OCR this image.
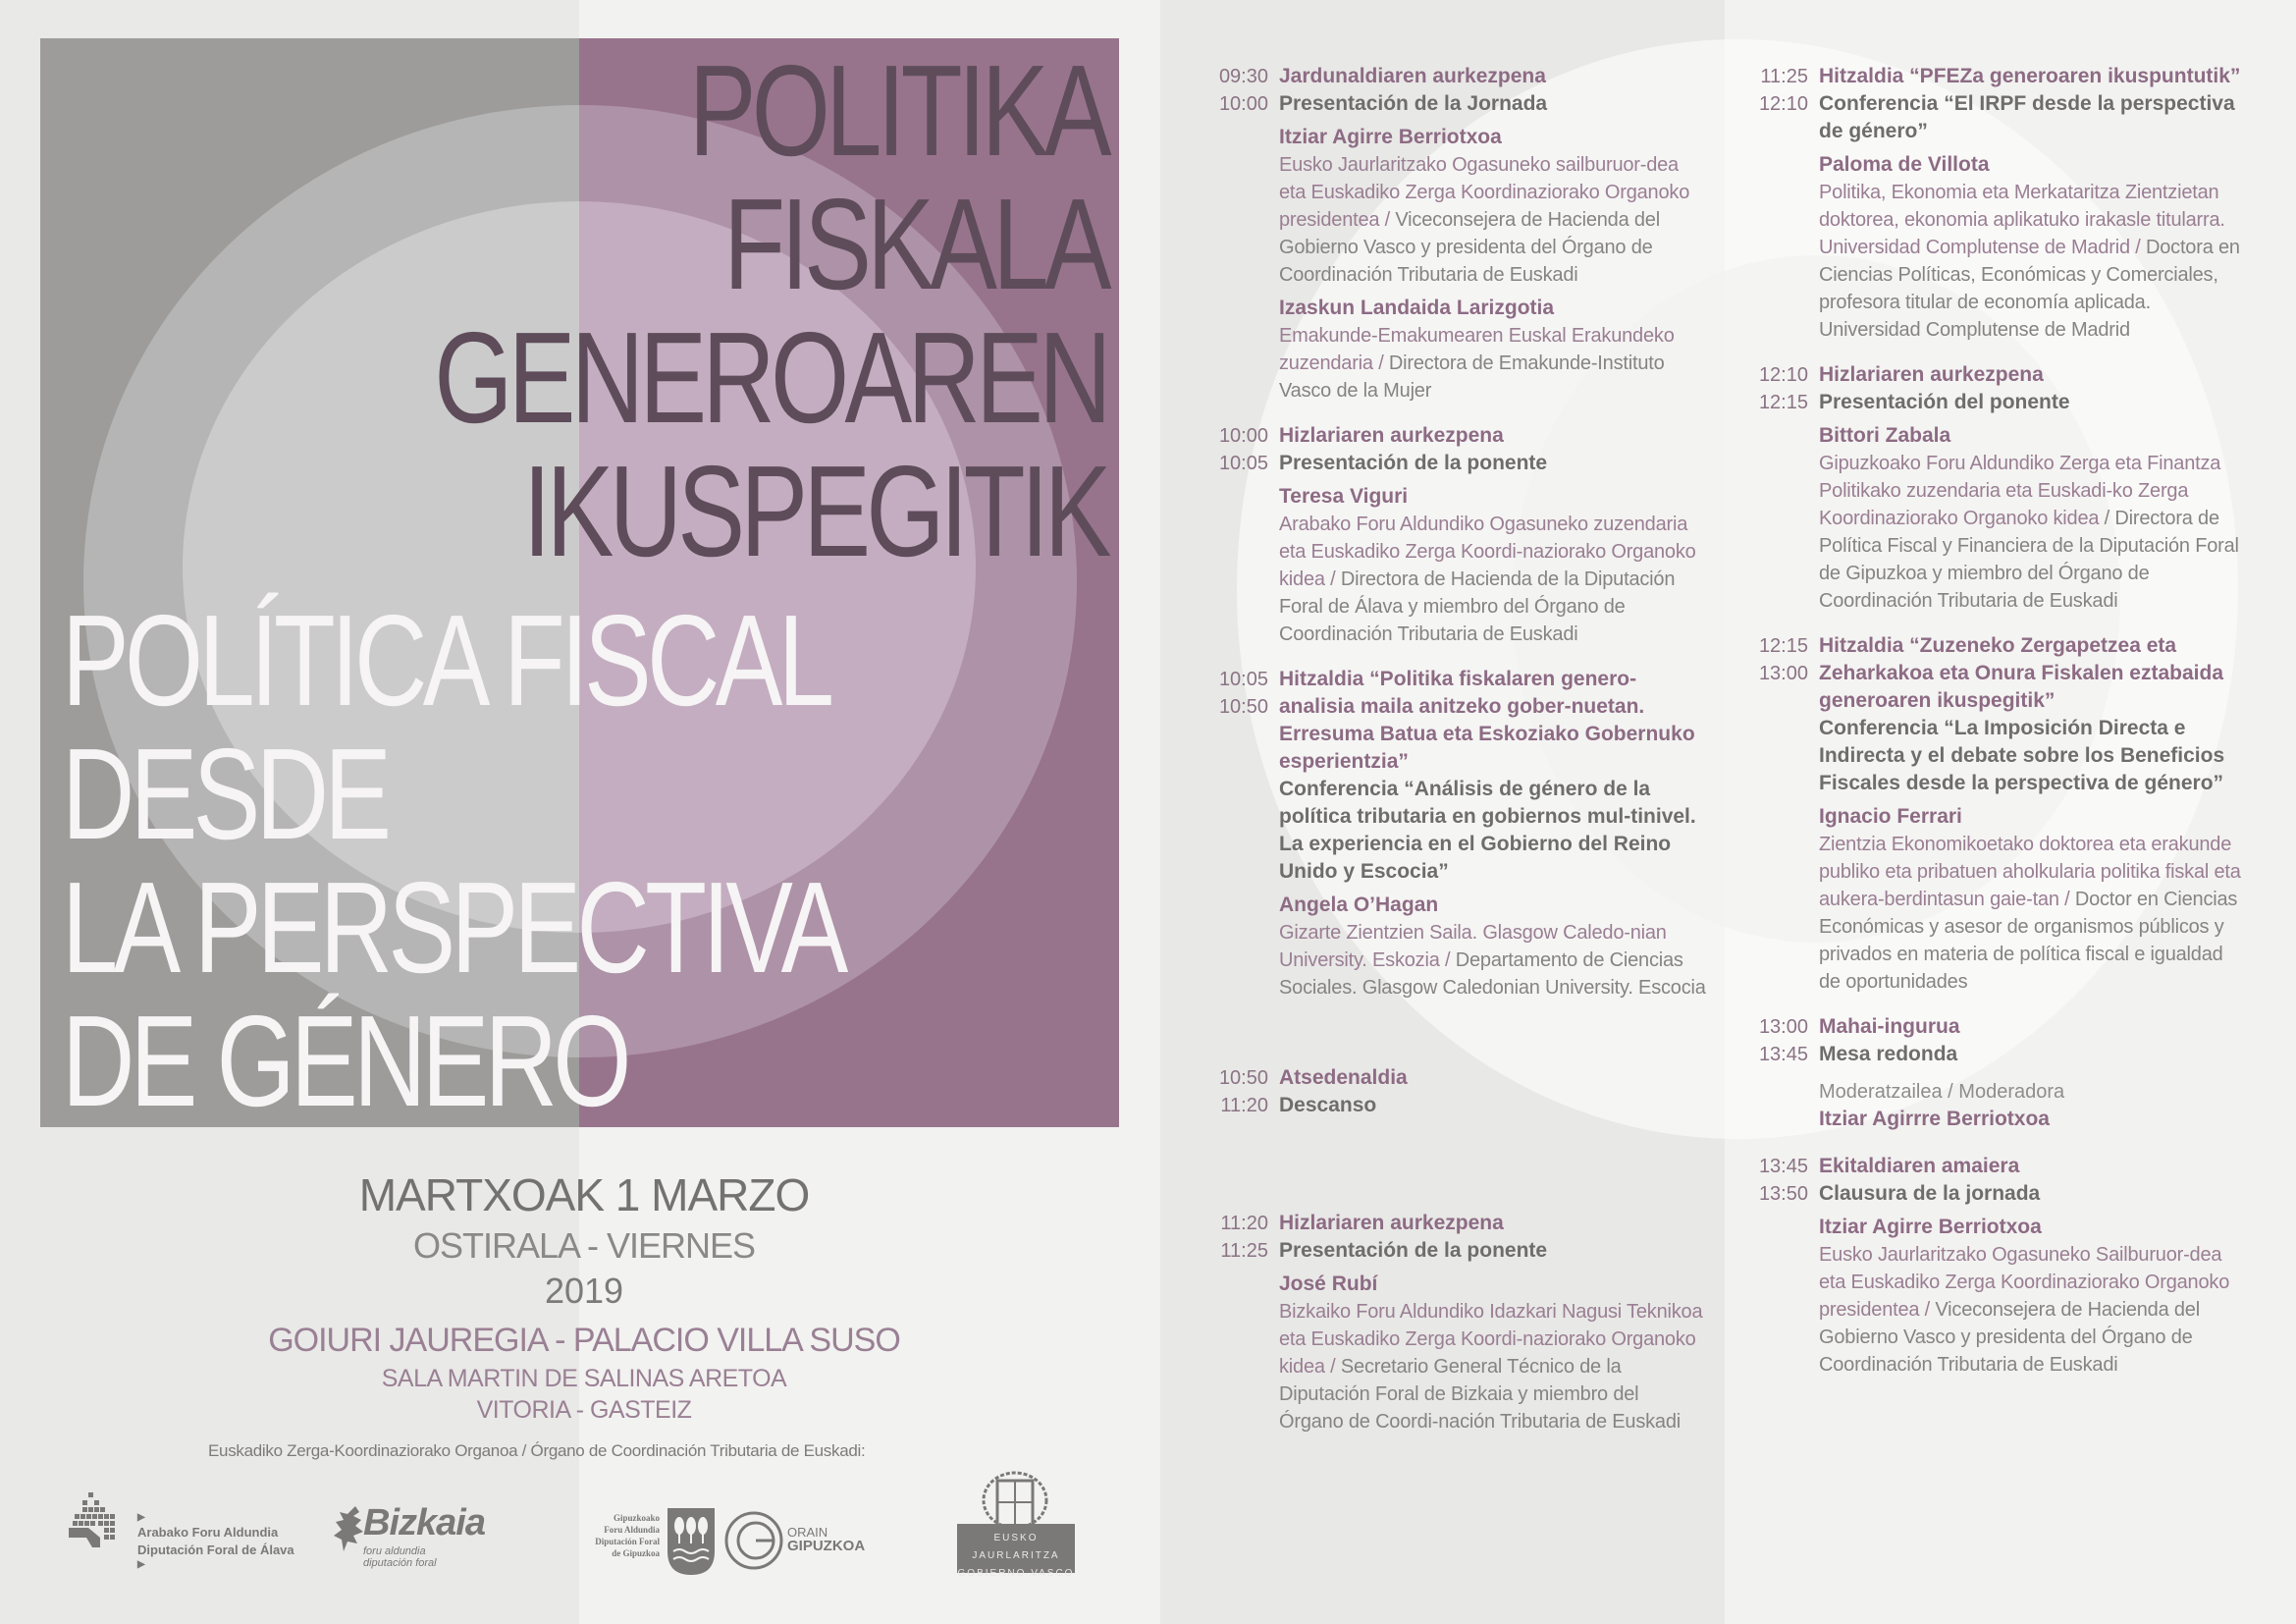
POLITIKA
FISKALA
GENEROAREN
IKUSPEGITIK
POLÍTICA FISCAL
DESDE
LA PERSPECTIVA
DE GÉNERO
MARTXOAK 1 MARZO
OSTIRALA - VIERNES
2019
GOIURI JAUREGIA - PALACIO VILLA SUSO
SALA MARTIN DE SALINAS ARETOA
VITORIA - GASTEIZ
Euskadiko Zerga-Koordinaziorako Organoa / Órgano de Coordinación Tributaria de Euskadi:
▶
Arabako Foru Aldundia
Diputación Foral de Álava
▶
Bizkaia
foru aldundia
diputación foral
Gipuzkoako
Foru Aldundia
Diputación Foral
de Gipuzkoa
ORAIN
GIPUZKOA	EUSKO JAURLARITZA
GOBIERNO VASCO
09:30
10:00
Jardunaldiaren aurkezpena
Presentación de la Jornada
Itziar Agirre Berriotxoa
Eusko Jaurlaritzako Ogasuneko sailburuor-dea eta Euskadiko Zerga Koordinaziorako Organoko presidentea / Viceconsejera de Hacienda del Gobierno Vasco y presidenta del Órgano de Coordinación Tributaria de Euskadi
Izaskun Landaida Larizgotia
Emakunde-Emakumearen Euskal Erakundeko zuzendaria / Directora de Emakunde-Instituto Vasco de la Mujer
10:00
10:05
Hizlariaren aurkezpena
Presentación de la ponente
Teresa Viguri
Arabako Foru Aldundiko Ogasuneko zuzendaria eta Euskadiko Zerga Koordi-naziorako Organoko kidea / Directora de Hacienda de la Diputación Foral de Álava y miembro del Órgano de Coordinación Tributaria de Euskadi
10:05
10:50
Hitzaldia “Politika fiskalaren genero-analisia maila anitzeko gober-nuetan. Erresuma Batua eta Eskoziako Gobernuko esperientzia”
Conferencia “Análisis de género de la política tributaria en gobiernos mul-tinivel. La experiencia en el Gobierno del Reino Unido y Escocia”
Angela O’Hagan
Gizarte Zientzien Saila. Glasgow Caledo-nian University. Eskozia / Departamento de Ciencias Sociales. Glasgow Caledonian University. Escocia
10:50
11:20
Atsedenaldia
Descanso
11:20
11:25
Hizlariaren aurkezpena
Presentación de la ponente
José Rubí
Bizkaiko Foru Aldundiko Idazkari Nagusi Teknikoa eta Euskadiko Zerga Koordi-naziorako Organoko kidea / Secretario General Técnico de la Diputación Foral de Bizkaia y miembro del Órgano de Coordi-nación Tributaria de Euskadi
11:25
12:10
Hitzaldia “PFEZa generoaren ikuspuntutik”
Conferencia “El IRPF desde la perspectiva de género”
Paloma de Villota
Politika, Ekonomia eta Merkataritza Zientzietan doktorea, ekonomia aplikatuko irakasle titularra. Universidad Complutense de Madrid / Doctora en Ciencias Políticas, Económicas y Comerciales, profesora titular de economía aplicada. Universidad Complutense de Madrid
12:10
12:15
Hizlariaren aurkezpena
Presentación del ponente
Bittori Zabala
Gipuzkoako Foru Aldundiko Zerga eta Finantza Politikako zuzendaria eta Euskadi-ko Zerga Koordinaziorako Organoko kidea / Directora de Política Fiscal y Financiera de la Diputación Foral de Gipuzkoa y miembro del Órgano de Coordinación Tributaria de Euskadi
12:15
13:00
Hitzaldia “Zuzeneko Zergapetzea eta Zeharkakoa eta Onura Fiskalen eztabaida generoaren ikuspegitik”
Conferencia “La Imposición Directa e Indirecta y el debate sobre los Beneficios Fiscales desde la perspectiva de género”
Ignacio Ferrari
Zientzia Ekonomikoetako doktorea eta erakunde publiko eta pribatuen aholkularia politika fiskal eta aukera-berdintasun gaie-tan / Doctor en Ciencias Económicas y asesor de organismos públicos y privados en materia de política fiscal e igualdad de oportunidades
13:00
13:45
Mahai-ingurua
Mesa redonda
Moderatzailea / Moderadora
Itziar Agirrre Berriotxoa
13:45
13:50
Ekitaldiaren amaiera
Clausura de la jornada
Itziar Agirre Berriotxoa
Eusko Jaurlaritzako Ogasuneko Sailburuor-dea eta Euskadiko Zerga Koordinaziorako Organoko presidentea / Viceconsejera de Hacienda del Gobierno Vasco y presidenta del Órgano de Coordinación Tributaria de Euskadi
